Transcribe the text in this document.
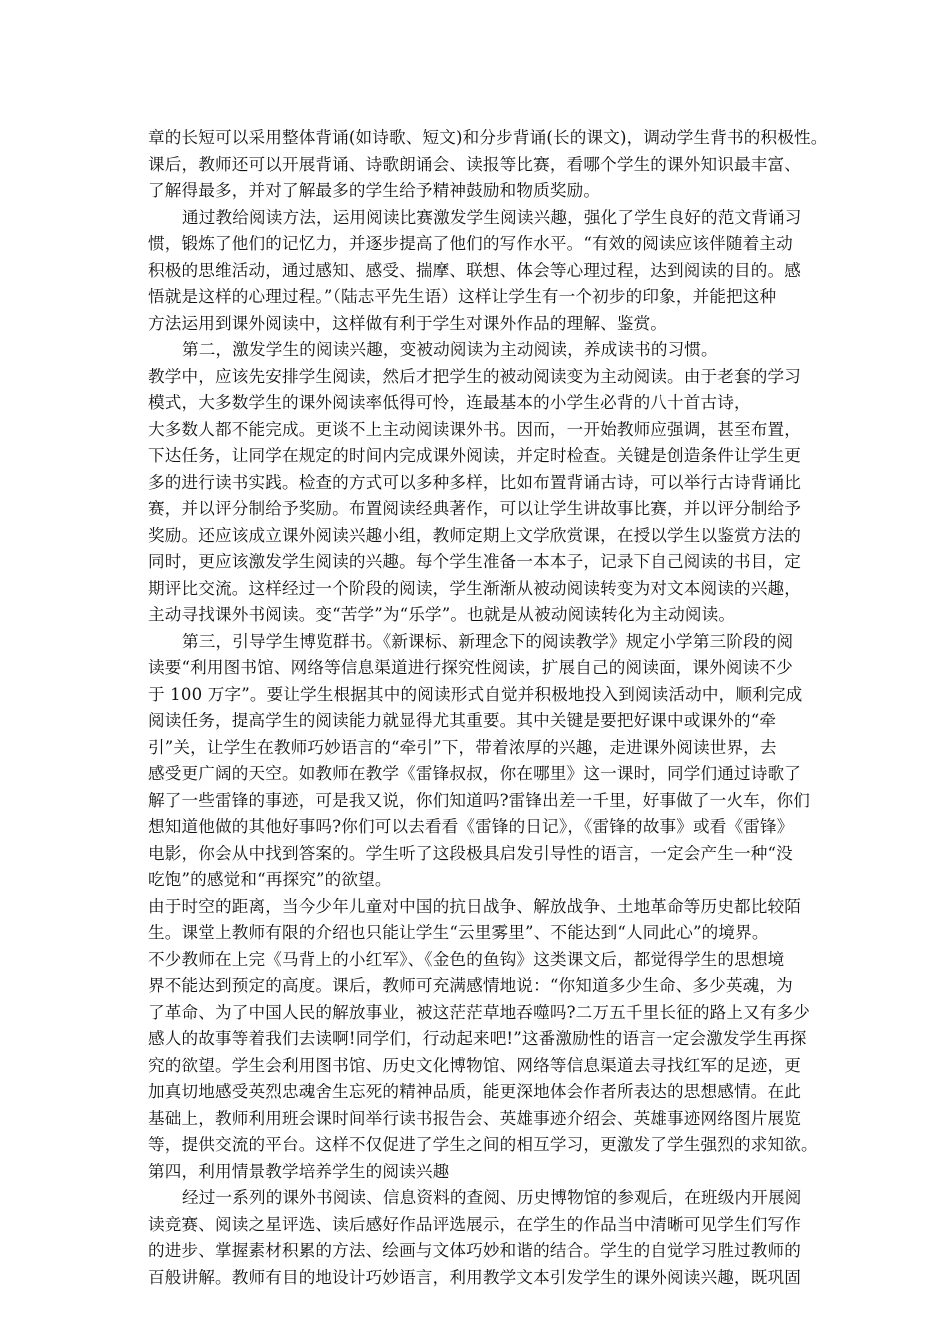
章的长短可以采用整体背诵(如诗歌、短文)和分步背诵(长的课文)，调动学生背书的积极性。
课后，教师还可以开展背诵、诗歌朗诵会、读报等比赛，看哪个学生的课外知识最丰富、
了解得最多，并对了解最多的学生给予精神鼓励和物质奖励。
通过教给阅读方法，运用阅读比赛激发学生阅读兴趣，强化了学生良好的范文背诵习
惯，锻炼了他们的记忆力，并逐步提高了他们的写作水平。“有效的阅读应该伴随着主动
积极的思维活动，通过感知、感受、揣摩、联想、体会等心理过程，达到阅读的目的。感
悟就是这样的心理过程。”（陆志平先生语）这样让学生有一个初步的印象，并能把这种
方法运用到课外阅读中，这样做有利于学生对课外作品的理解、鉴赏。
第二，激发学生的阅读兴趣，变被动阅读为主动阅读，养成读书的习惯。
教学中，应该先安排学生阅读，然后才把学生的被动阅读变为主动阅读。由于老套的学习
模式，大多数学生的课外阅读率低得可怜，连最基本的小学生必背的八十首古诗，
大多数人都不能完成。更谈不上主动阅读课外书。因而，一开始教师应强调，甚至布置，
下达任务，让同学在规定的时间内完成课外阅读，并定时检查。关键是创造条件让学生更
多的进行读书实践。检查的方式可以多种多样，比如布置背诵古诗，可以举行古诗背诵比
赛，并以评分制给予奖励。布置阅读经典著作，可以让学生讲故事比赛，并以评分制给予
奖励。还应该成立课外阅读兴趣小组，教师定期上文学欣赏课，在授以学生以鉴赏方法的
同时，更应该激发学生阅读的兴趣。每个学生准备一本本子，记录下自己阅读的书目，定
期评比交流。这样经过一个阶段的阅读，学生渐渐从被动阅读转变为对文本阅读的兴趣，
主动寻找课外书阅读。变“苦学”为“乐学”。也就是从被动阅读转化为主动阅读。
第三，引导学生博览群书。《新课标、新理念下的阅读教学》规定小学第三阶段的阅
读要“利用图书馆、网络等信息渠道进行探究性阅读，扩展自己的阅读面，课外阅读不少
于 100 万字”。要让学生根据其中的阅读形式自觉并积极地投入到阅读活动中，顺利完成
阅读任务，提高学生的阅读能力就显得尤其重要。其中关键是要把好课中或课外的“牵
引”关，让学生在教师巧妙语言的“牵引”下，带着浓厚的兴趣，走进课外阅读世界，去
感受更广阔的天空。如教师在教学《雷锋叔叔，你在哪里》这一课时，同学们通过诗歌了
解了一些雷锋的事迹，可是我又说，你们知道吗?雷锋出差一千里，好事做了一火车，你们
想知道他做的其他好事吗?你们可以去看看《雷锋的日记》，《雷锋的故事》或看《雷锋》
电影，你会从中找到答案的。学生听了这段极具启发引导性的语言，一定会产生一种“没
吃饱”的感觉和“再探究”的欲望。
由于时空的距离，当今少年儿童对中国的抗日战争、解放战争、土地革命等历史都比较陌
生。课堂上教师有限的介绍也只能让学生“云里雾里”、不能达到“人同此心”的境界。
不少教师在上完《马背上的小红军》、《金色的鱼钩》这类课文后，都觉得学生的思想境
界不能达到预定的高度。课后，教师可充满感情地说：“你知道多少生命、多少英魂，为
了革命、为了中国人民的解放事业，被这茫茫草地吞噬吗?二万五千里长征的路上又有多少
感人的故事等着我们去读啊!同学们，行动起来吧!”这番激励性的语言一定会激发学生再探
究的欲望。学生会利用图书馆、历史文化博物馆、网络等信息渠道去寻找红军的足迹，更
加真切地感受英烈忠魂舍生忘死的精神品质，能更深地体会作者所表达的思想感情。在此
基础上，教师利用班会课时间举行读书报告会、英雄事迹介绍会、英雄事迹网络图片展览
等，提供交流的平台。这样不仅促进了学生之间的相互学习，更激发了学生强烈的求知欲。
第四，利用情景教学培养学生的阅读兴趣
经过一系列的课外书阅读、信息资料的查阅、历史博物馆的参观后，在班级内开展阅
读竞赛、阅读之星评选、读后感好作品评选展示，在学生的作品当中清晰可见学生们写作
的进步、掌握素材积累的方法、绘画与文体巧妙和谐的结合。学生的自觉学习胜过教师的
百般讲解。教师有目的地设计巧妙语言，利用教学文本引发学生的课外阅读兴趣，既巩固
